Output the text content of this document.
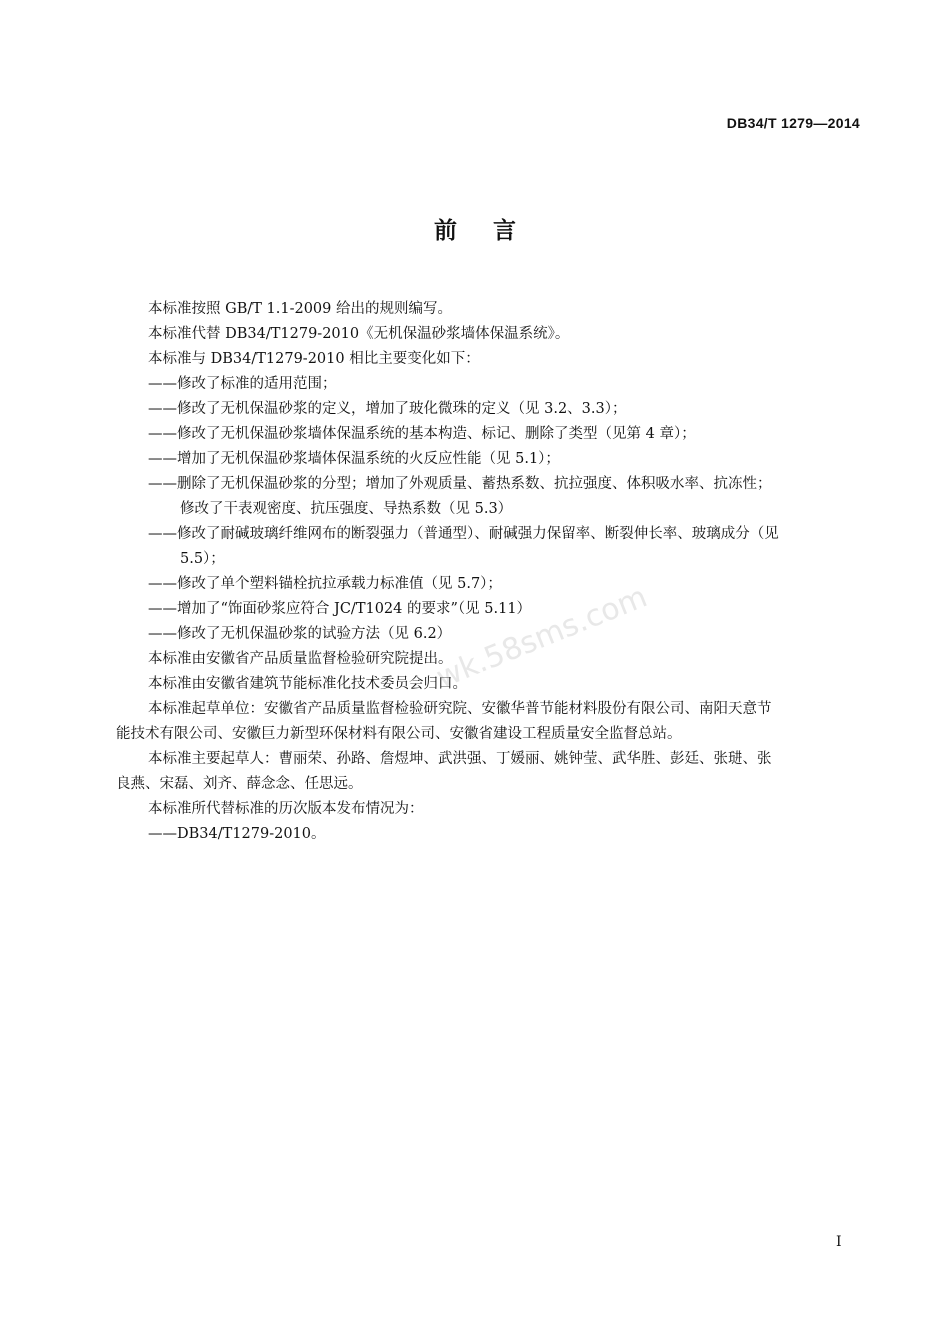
DB34/T 1279—2014
前 言
wk.58sms.com
本标准按照 GB/T 1.1-2009 给出的规则编写。
本标准代替 DB34/T1279-2010《无机保温砂浆墙体保温系统》。
本标准与 DB34/T1279-2010 相比主要变化如下：
——修改了标准的适用范围；
——修改了无机保温砂浆的定义，增加了玻化微珠的定义（见 3.2、3.3）；
——修改了无机保温砂浆墙体保温系统的基本构造、标记、删除了类型（见第 4 章）；
——增加了无机保温砂浆墙体保温系统的火反应性能（见 5.1）；
——删除了无机保温砂浆的分型；增加了外观质量、蓄热系数、抗拉强度、体积吸水率、抗冻性；
修改了干表观密度、抗压强度、导热系数（见 5.3）
——修改了耐碱玻璃纤维网布的断裂强力（普通型）、耐碱强力保留率、断裂伸长率、玻璃成分（见
5.5）；
——修改了单个塑料锚栓抗拉承载力标准值（见 5.7）；
——增加了“饰面砂浆应符合 JC/T1024 的要求”（见 5.11）
——修改了无机保温砂浆的试验方法（见 6.2）
本标准由安徽省产品质量监督检验研究院提出。
本标准由安徽省建筑节能标准化技术委员会归口。
本标准起草单位：安徽省产品质量监督检验研究院、安徽华普节能材料股份有限公司、南阳天意节
能技术有限公司、安徽巨力新型环保材料有限公司、安徽省建设工程质量安全监督总站。
本标准主要起草人：曹丽荣、孙路、詹煜坤、武洪强、丁媛丽、姚钟莹、武华胜、彭廷、张琎、张
良燕、宋磊、刘齐、薛念念、任思远。
本标准所代替标准的历次版本发布情况为：
——DB34/T1279-2010。
I
